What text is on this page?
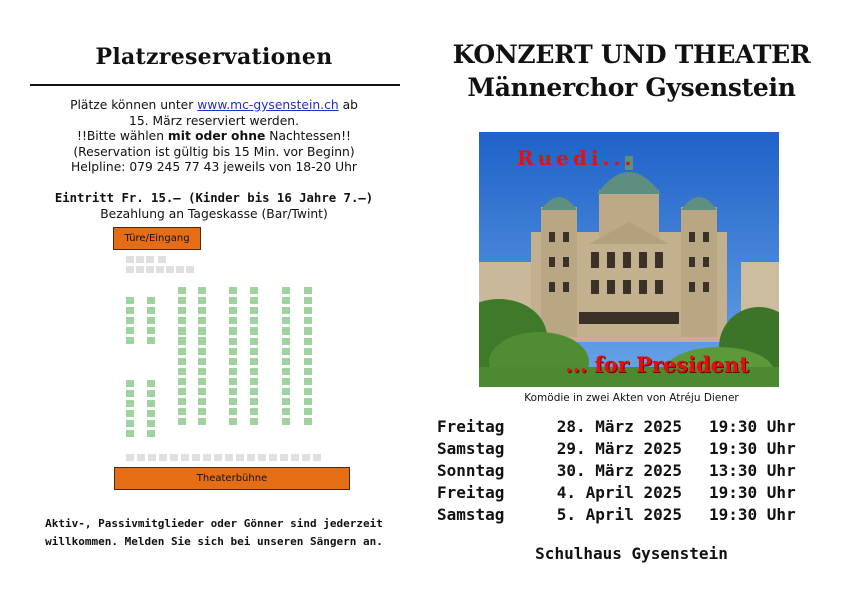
Platzreservationen
Plätze können unter www.mc-gysenstein.ch ab
15. März reserviert werden.
!!Bitte wählen mit oder ohne Nachtessen!!
(Reservation ist gültig bis 15 Min. vor Beginn)
Helpline: 079 245 77 43 jeweils von 18-20 Uhr
Eintritt Fr. 15.— (Kinder bis 16 Jahre 7.—)
Bezahlung an Tageskasse (Bar/Twint)
Türe/Eingang
Theaterbühne
Aktiv-, Passivmitglieder oder Gönner sind jederzeit
willkommen. Melden Sie sich bei unseren Sängern an.
KONZERT UND THEATER
Männerchor Gysenstein
Ruedi...
... for President
Komödie in zwei Akten von Atréju Diener
Freitag	28. März 2025 19:30 Uhr
Samstag	29. März 2025 19:30 Uhr
Sonntag	30. März 2025 13:30 Uhr
Freitag	4. April 2025 19:30 Uhr
Samstag	5. April 2025 19:30 Uhr
Schulhaus Gysenstein
